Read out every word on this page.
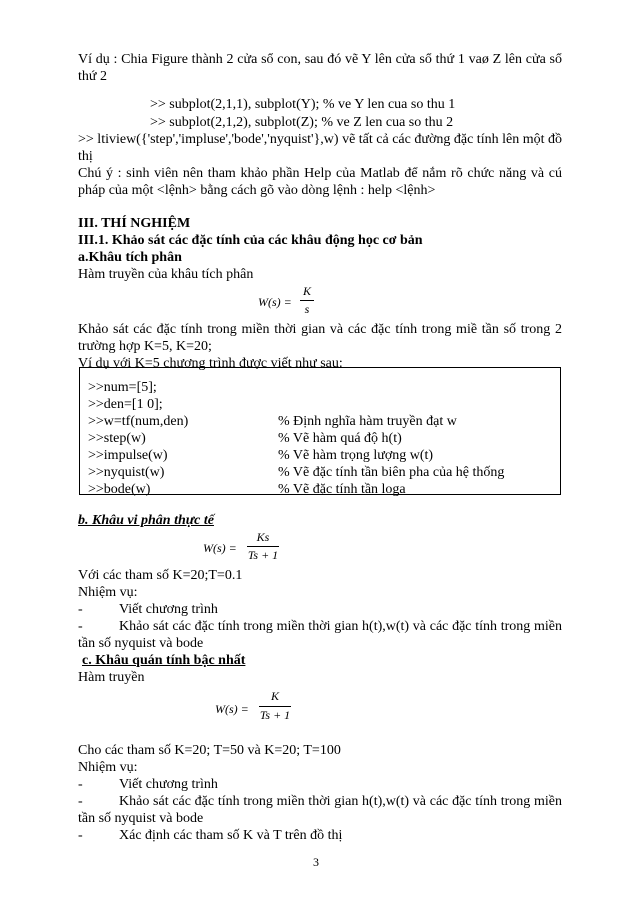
Ví dụ : Chia Figure thành 2 cửa sổ con, sau đó vẽ Y lên cửa sổ thứ 1 vaø Z lên cửa sổ
thứ 2
>> subplot(2,1,1), subplot(Y); % ve Y len cua so thu 1
>> subplot(2,1,2), subplot(Z); % ve Z len cua so thu 2
>> ltiview({'step','impluse','bode','nyquist'},w) vẽ tất cả các đường đặc tính lên một đồ
thị
Chú ý : sinh viên nên tham khảo phần Help của Matlab để nắm rõ chức năng và cú
pháp của một <lệnh> bằng cách gõ vào dòng lệnh : help <lệnh>
III. THÍ NGHIỆM
III.1. Khảo sát các đặc tính của các khâu động học cơ bản
a.Khâu tích phân
Hàm truyền của khâu tích phân
W(s) =
K
s
Khảo sát các đặc tính trong miền thời gian và các đặc tính trong miề tần số trong 2
trường hợp K=5, K=20;
Ví dụ với K=5 chương trình được viết như sau:
>>num=[5];
>>den=[1 0];
>>w=tf(num,den)	% Định nghĩa hàm truyền đạt w
>>step(w)	% Vẽ hàm quá độ h(t)
>>impulse(w)	% Vẽ hàm trọng lượng w(t)
>>nyquist(w)	% Vẽ đặc tính tần biên pha của hệ thống
>>bode(w)	% Vẽ đặc tính tần loga
b. Khâu vi phân thực tế
W(s) =
Ks
Ts + 1
Với các tham số K=20;T=0.1
Nhiệm vụ:
-	Viết chương trình
-	Khảo sát các đặc tính trong miền thời gian h(t),w(t) và các đặc tính trong miền
tần số nyquist và bode
c. Khâu quán tính bậc nhất
Hàm truyền
W(s) =
K
Ts + 1
Cho các tham số K=20; T=50 và K=20; T=100
Nhiệm vụ:
-	Viết chương trình
-	Khảo sát các đặc tính trong miền thời gian h(t),w(t) và các đặc tính trong miền
tần số nyquist và bode
-	Xác định các tham số K và T trên đồ thị
3
